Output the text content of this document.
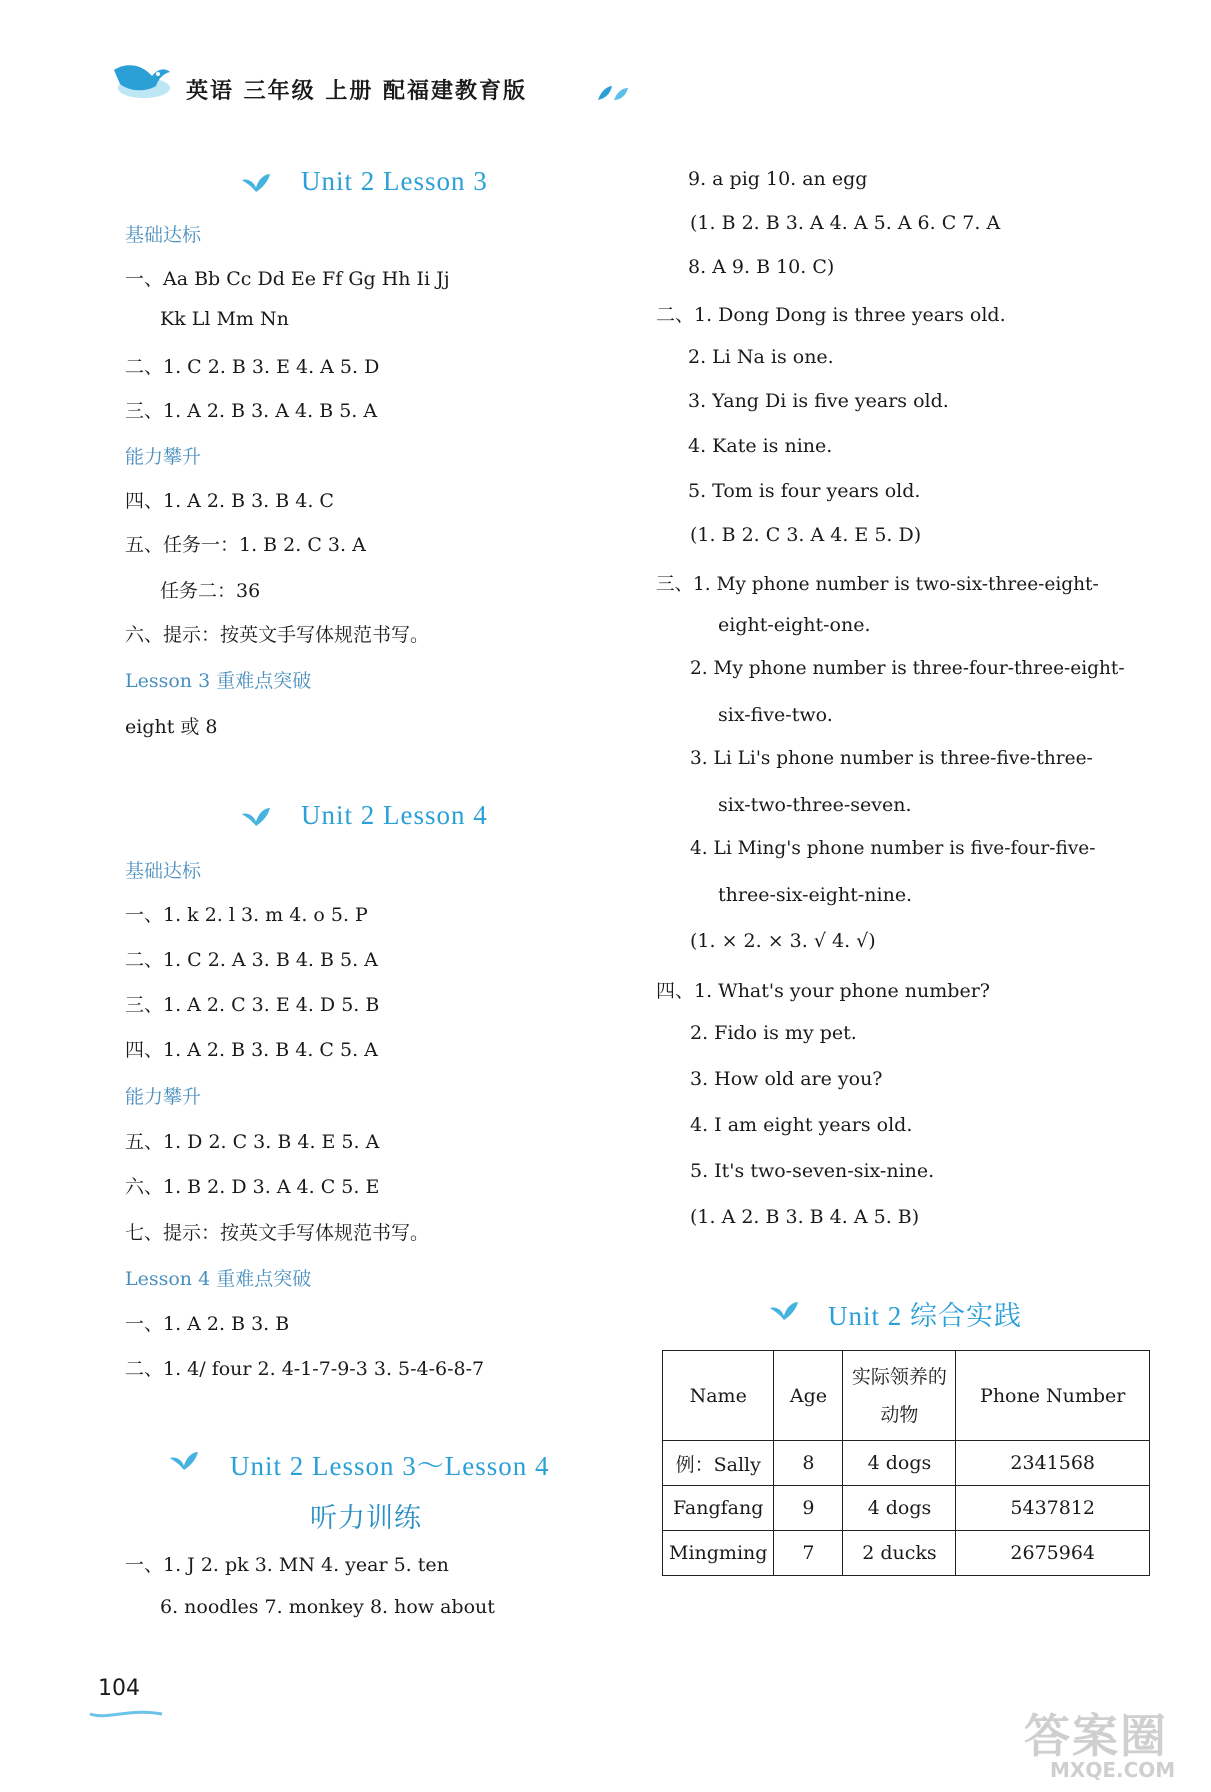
英语 三年级 上册 配福建教育版
Unit 2 Lesson 3
基础达标
一、Aa Bb Cc Dd Ee Ff Gg Hh Ii Jj
Kk Ll Mm Nn
二、1. C 2. B 3. E 4. A 5. D
三、1. A 2. B 3. A 4. B 5. A
能力攀升
四、1. A 2. B 3. B 4. C
五、任务一：1. B 2. C 3. A
任务二：36
六、提示：按英文手写体规范书写。
Lesson 3 重难点突破
eight 或 8
Unit 2 Lesson 4
基础达标
一、1. k 2. l 3. m 4. o 5. P
二、1. C 2. A 3. B 4. B 5. A
三、1. A 2. C 3. E 4. D 5. B
四、1. A 2. B 3. B 4. C 5. A
能力攀升
五、1. D 2. C 3. B 4. E 5. A
六、1. B 2. D 3. A 4. C 5. E
七、提示：按英文手写体规范书写。
Lesson 4 重难点突破
一、1. A 2. B 3. B
二、1. 4/ four 2. 4-1-7-9-3 3. 5-4-6-8-7
Unit 2 Lesson 3～Lesson 4
听力训练
一、1. J 2. pk 3. MN 4. year 5. ten
6. noodles 7. monkey 8. how about
9. a pig 10. an egg
(1. B 2. B 3. A 4. A 5. A 6. C 7. A
8. A 9. B 10. C)
二、1. Dong Dong is three years old.
2. Li Na is one.
3. Yang Di is five years old.
4. Kate is nine.
5. Tom is four years old.
(1. B 2. C 3. A 4. E 5. D)
三、1. My phone number is two-six-three-eight-
eight-eight-one.
2. My phone number is three-four-three-eight-
six-five-two.
3. Li Li's phone number is three-five-three-
six-two-three-seven.
4. Li Ming's phone number is five-four-five-
three-six-eight-nine.
(1. × 2. × 3. √ 4. √)
四、1. What's your phone number?
2. Fido is my pet.
3. How old are you?
4. I am eight years old.
5. It's two-seven-six-nine.
(1. A 2. B 3. B 4. A 5. B)
Unit 2 综合实践
Name	Age	实际领养的动物	Phone Number
例：Sally	8	4 dogs	2341568
Fangfang	9	4 dogs	5437812
Mingming	7	2 ducks	2675964
104
答案圈
MXQE.COM
